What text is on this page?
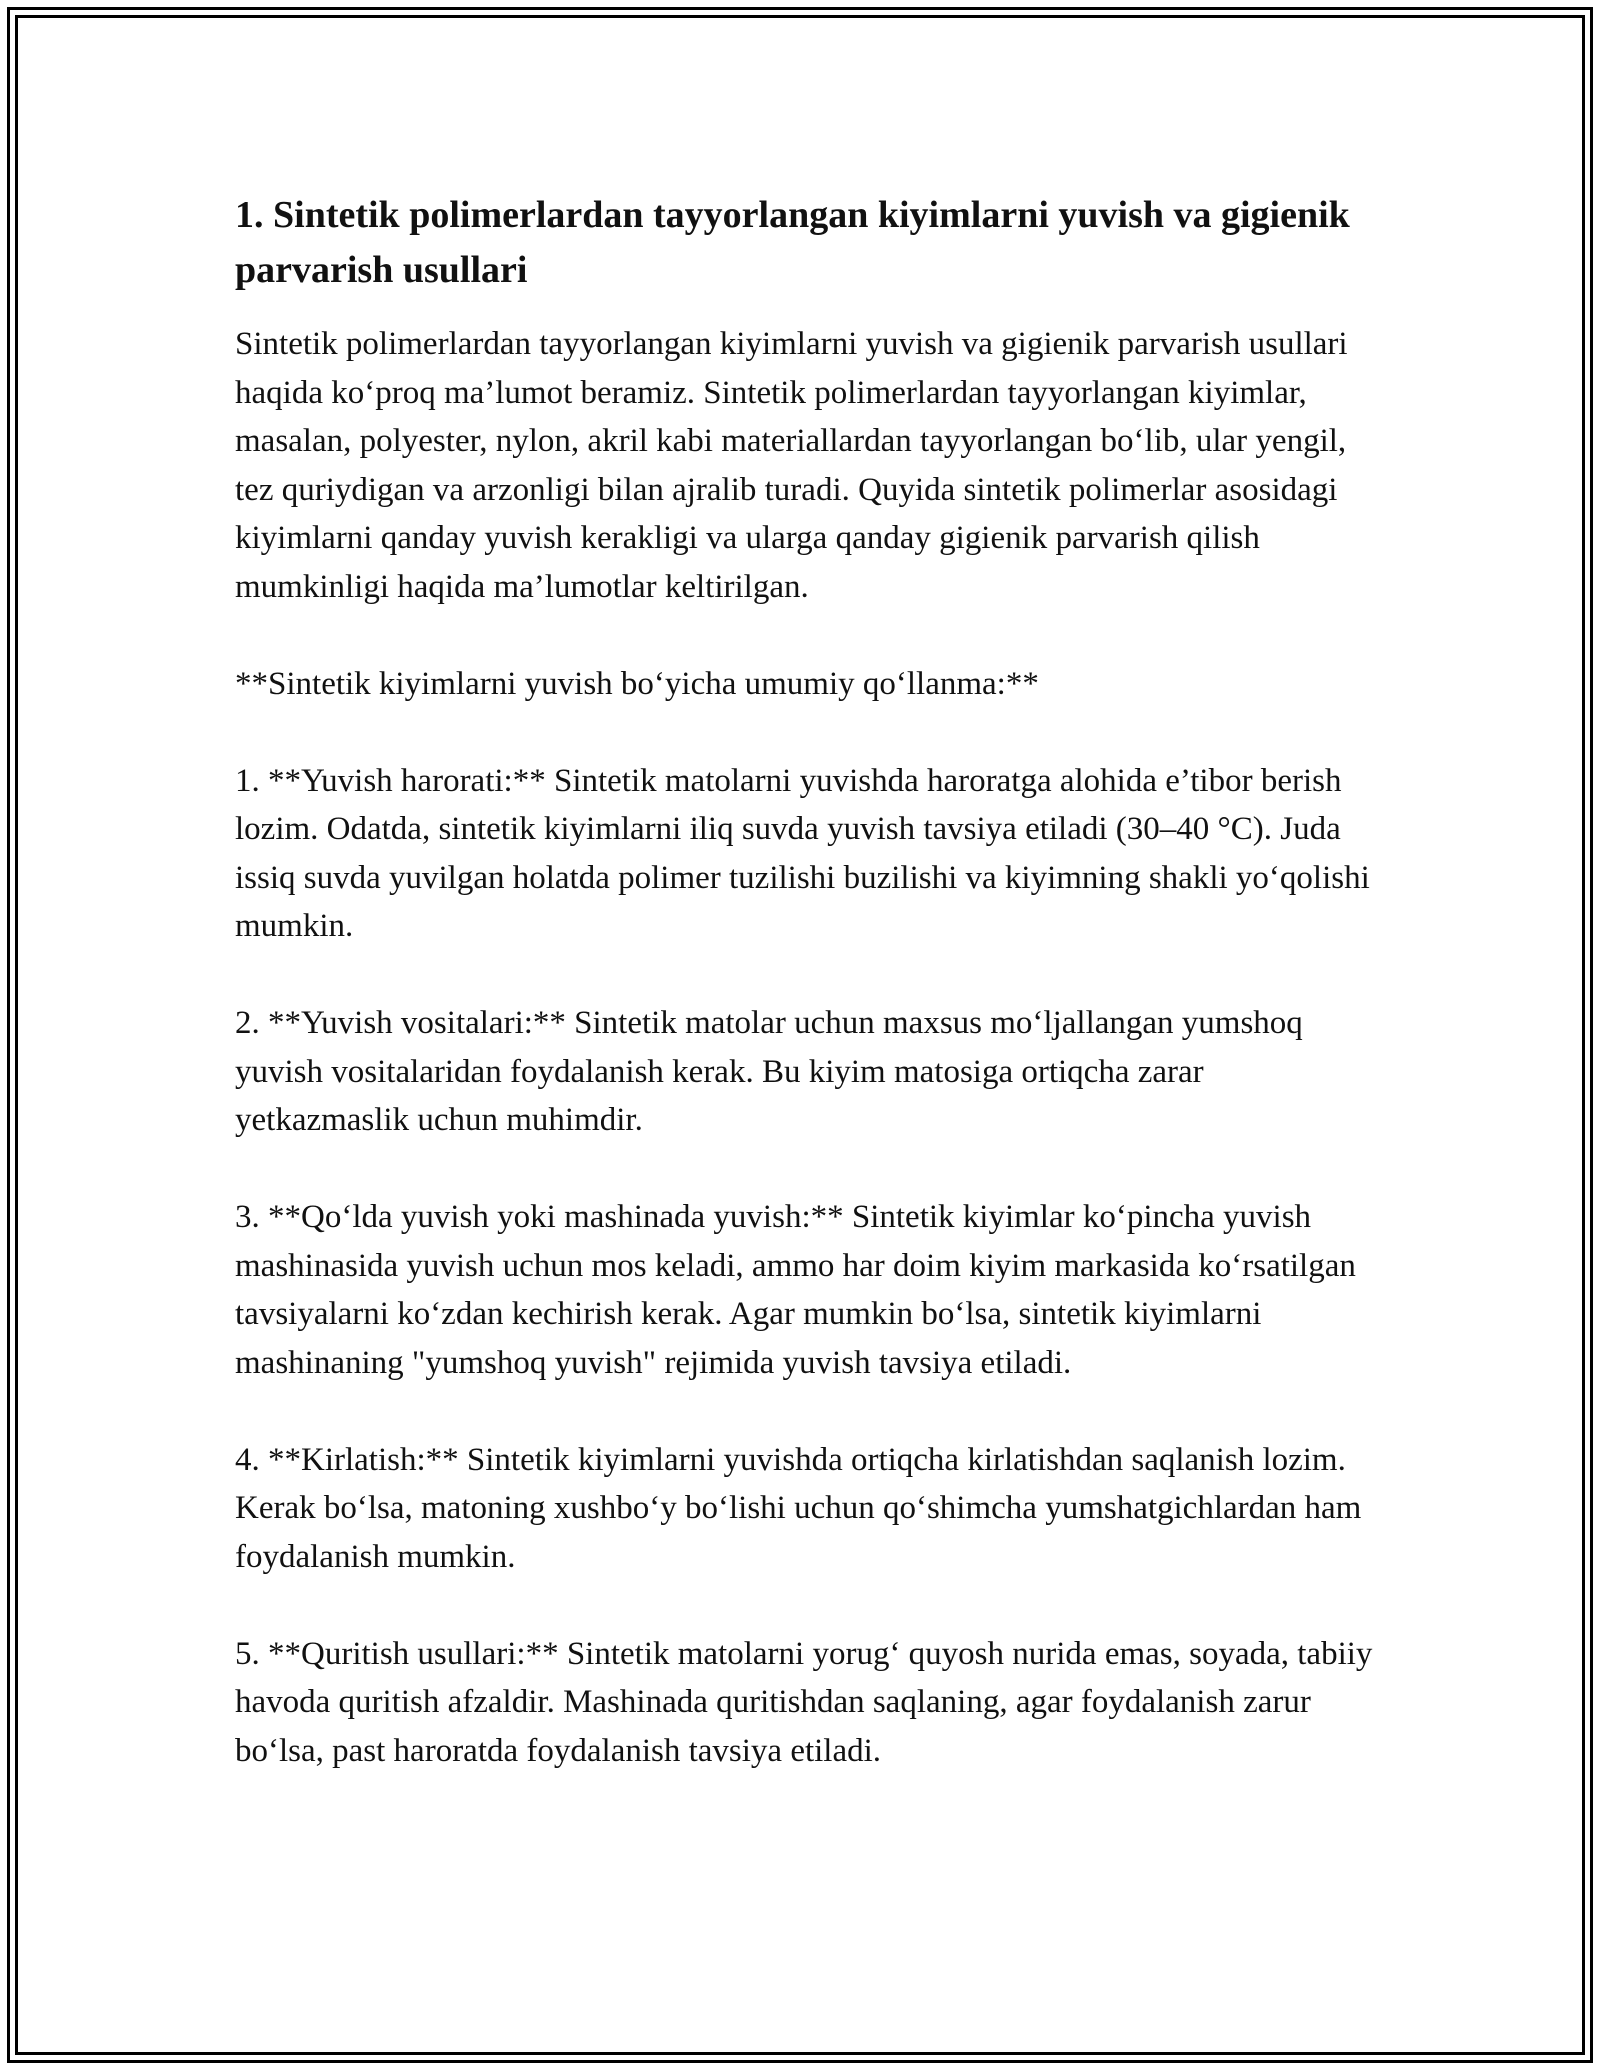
1. Sintetik polimerlardan tayyorlangan kiyimlarni yuvish va gigienik parvarish usullari

Sintetik polimerlardan tayyorlangan kiyimlarni yuvish va gigienik parvarish usullari haqida ko‘proq ma’lumot beramiz. Sintetik polimerlardan tayyorlangan kiyimlar, masalan, polyester, nylon, akril kabi materiallardan tayyorlangan bo‘lib, ular yengil, tez quriydigan va arzonligi bilan ajralib turadi. Quyida sintetik polimerlar asosidagi kiyimlarni qanday yuvish kerakligi va ularga qanday gigienik parvarish qilish mumkinligi haqida ma’lumotlar keltirilgan.

**Sintetik kiyimlarni yuvish bo‘yicha umumiy qo‘llanma:**

1. **Yuvish harorati:** Sintetik matolarni yuvishda haroratga alohida e’tibor berish lozim. Odatda, sintetik kiyimlarni iliq suvda yuvish tavsiya etiladi (30–40 °C). Juda issiq suvda yuvilgan holatda polimer tuzilishi buzilishi va kiyimning shakli yo‘qolishi mumkin.

2. **Yuvish vositalari:** Sintetik matolar uchun maxsus mo‘ljallangan yumshoq yuvish vositalaridan foydalanish kerak. Bu kiyim matosiga ortiqcha zarar yetkazmaslik uchun muhimdir.

3. **Qo‘lda yuvish yoki mashinada yuvish:** Sintetik kiyimlar ko‘pincha yuvish mashinasida yuvish uchun mos keladi, ammo har doim kiyim markasida ko‘rsatilgan tavsiyalarni ko‘zdan kechirish kerak. Agar mumkin bo‘lsa, sintetik kiyimlarni mashinaning "yumshoq yuvish" rejimida yuvish tavsiya etiladi.

4. **Kirlatish:** Sintetik kiyimlarni yuvishda ortiqcha kirlatishdan saqlanish lozim. Kerak bo‘lsa, matoning xushbo‘y bo‘lishi uchun qo‘shimcha yumshatgichlardan ham foydalanish mumkin.

5. **Quritish usullari:** Sintetik matolarni yorug‘ quyosh nurida emas, soyada, tabiiy havoda quritish afzaldir. Mashinada quritishdan saqlaning, agar foydalanish zarur bo‘lsa, past haroratda foydalanish tavsiya etiladi.
